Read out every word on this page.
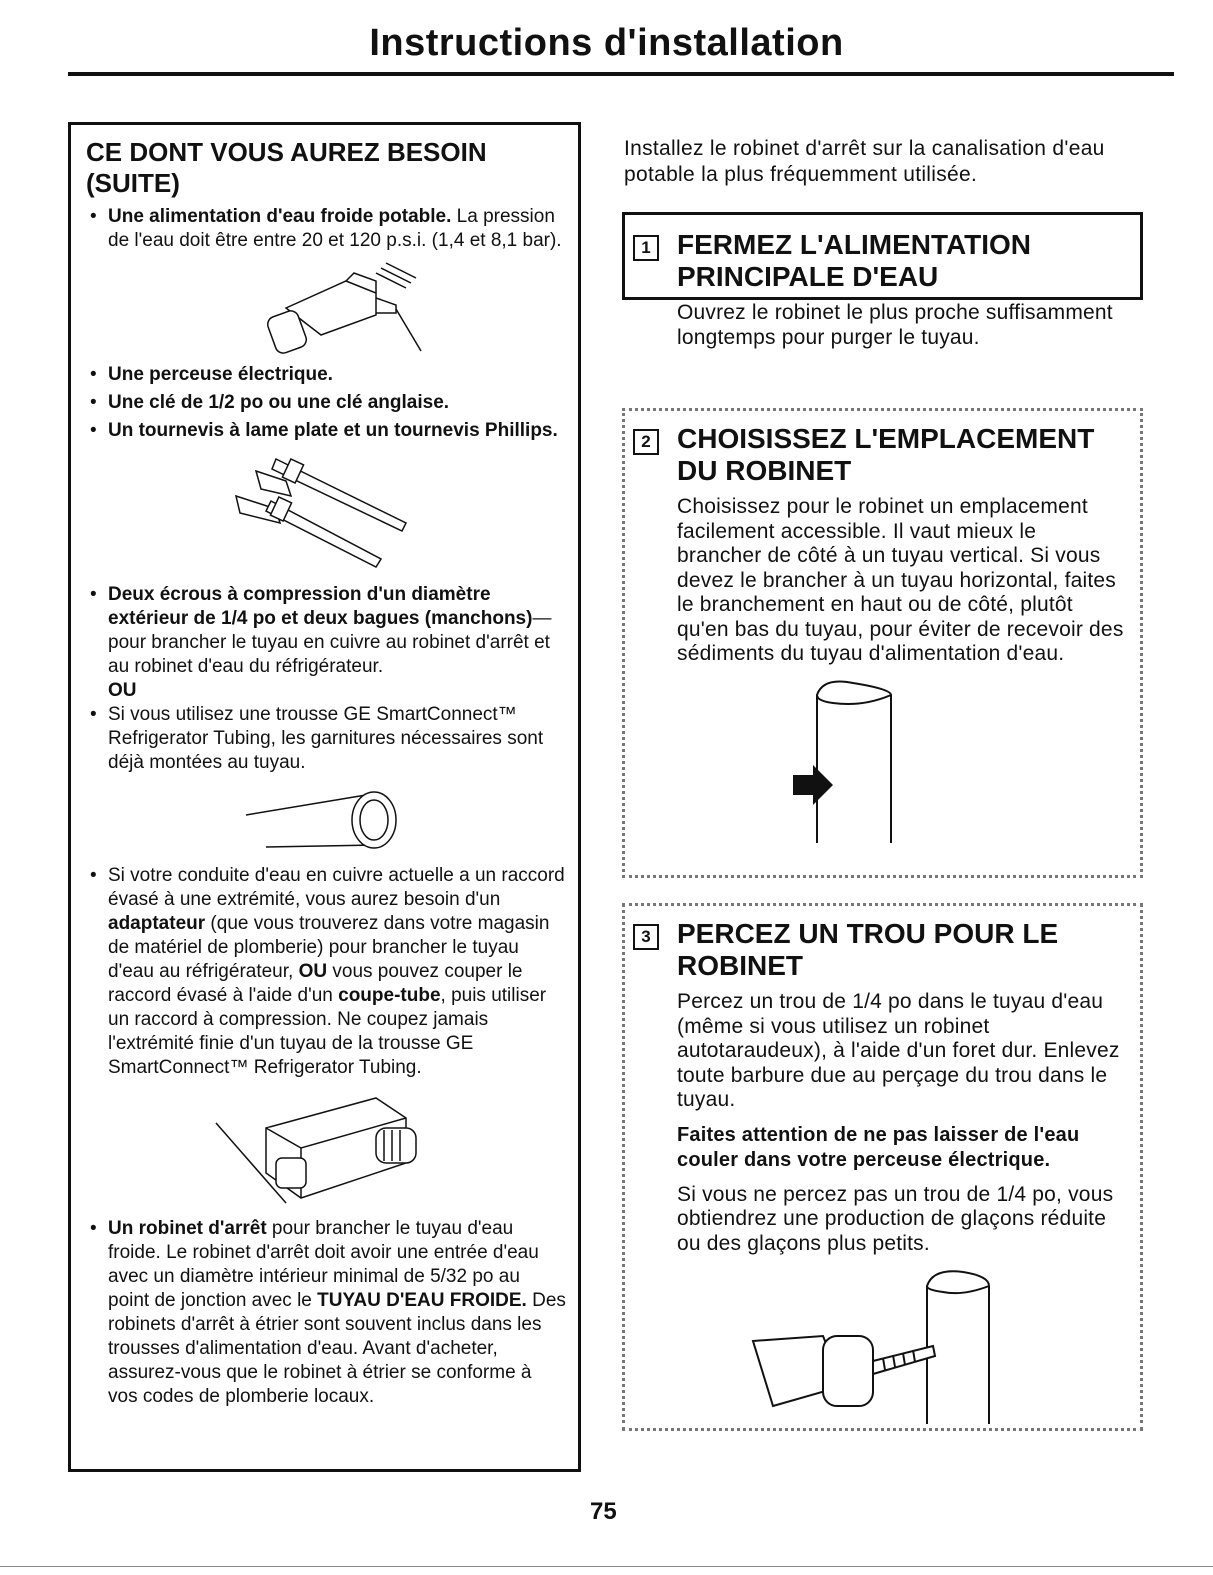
Instructions d'installation
CE DONT VOUS AUREZ BESOIN (SUITE)

• Une alimentation d'eau froide potable. La pression de l'eau doit être entre 20 et 120 p.s.i. (1,4 et 8,1 bar).

• Une perceuse électrique.

• Une clé de 1/2 po ou une clé anglaise.

• Un tournevis à lame plate et un tournevis Phillips.

• Deux écrous à compression d'un diamètre extérieur de 1/4 po et deux bagues (manchons)—pour brancher le tuyau en cuivre au robinet d'arrêt et au robinet d'eau du réfrigérateur.
OU

• Si vous utilisez une trousse GE SmartConnect™ Refrigerator Tubing, les garnitures nécessaires sont déjà montées au tuyau.

• Si votre conduite d'eau en cuivre actuelle a un raccord évasé à une extrémité, vous aurez besoin d'un adaptateur (que vous trouverez dans votre magasin de matériel de plomberie) pour brancher le tuyau d'eau au réfrigérateur, OU vous pouvez couper le raccord évasé à l'aide d'un coupe-tube, puis utiliser un raccord à compression. Ne coupez jamais l'extrémité finie d'un tuyau de la trousse GE SmartConnect™ Refrigerator Tubing.

• Un robinet d'arrêt pour brancher le tuyau d'eau froide. Le robinet d'arrêt doit avoir une entrée d'eau avec un diamètre intérieur minimal de 5/32 po au point de jonction avec le TUYAU D'EAU FROIDE. Des robinets d'arrêt à étrier sont souvent inclus dans les trousses d'alimentation d'eau. Avant d'acheter, assurez-vous que le robinet à étrier se conforme à vos codes de plomberie locaux.

Installez le robinet d'arrêt sur la canalisation d'eau potable la plus fréquemment utilisée.
1 FERMEZ L'ALIMENTATION PRINCIPALE D'EAU
Ouvrez le robinet le plus proche suffisamment longtemps pour purger le tuyau.
2 CHOISISSEZ L'EMPLACEMENT DU ROBINET
Choisissez pour le robinet un emplacement facilement accessible. Il vaut mieux le brancher de côté à un tuyau vertical. Si vous devez le brancher à un tuyau horizontal, faites le branchement en haut ou de côté, plutôt qu'en bas du tuyau, pour éviter de recevoir des sédiments du tuyau d'alimentation d'eau.
3 PERCEZ UN TROU POUR LE ROBINET

Percez un trou de 1/4 po dans le tuyau d'eau (même si vous utilisez un robinet autotaraudeux), à l'aide d'un foret dur. Enlevez toute barbure due au perçage du trou dans le tuyau.

Faites attention de ne pas laisser de l'eau couler dans votre perceuse électrique.

Si vous ne percez pas un trou de 1/4 po, vous obtiendrez une production de glaçons réduite ou des glaçons plus petits.

75
